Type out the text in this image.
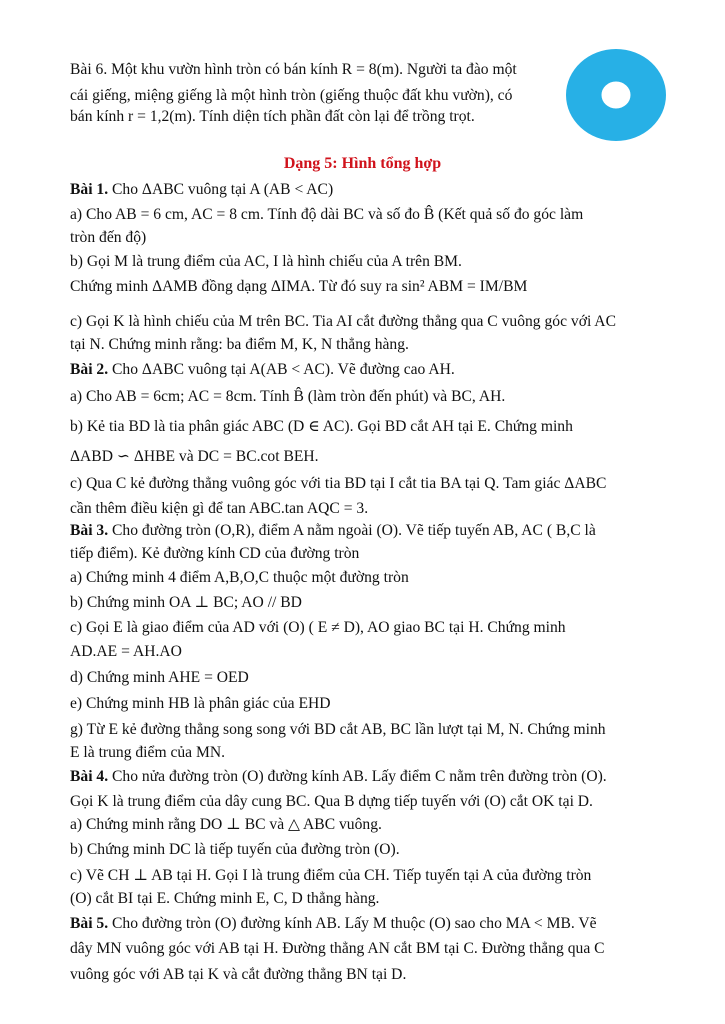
Bài 6. Một khu vườn hình tròn có bán kính R = 8(m). Người ta đào một
cái giếng, miệng giếng là một hình tròn (giếng thuộc đất khu vườn), có
bán kính r = 1,2(m). Tính diện tích phần đất còn lại để trồng trọt.
Dạng 5: Hình tổng hợp
Bài 1. Cho ΔABC vuông tại A (AB < AC)
a) Cho AB = 6 cm, AC = 8 cm. Tính độ dài BC và số đo B̂ (Kết quả số đo góc làm
tròn đến độ)
b) Gọi M là trung điểm của AC, I là hình chiếu của A trên BM.
Chứng minh ΔAMB đồng dạng ΔIMA. Từ đó suy ra sin² ABM = IM/BM
c) Gọi K là hình chiếu của M trên BC. Tia AI cắt đường thẳng qua C vuông góc với AC
tại N. Chứng minh rằng: ba điểm M, K, N thẳng hàng.
Bài 2. Cho ΔABC vuông tại A(AB < AC). Vẽ đường cao AH.
a) Cho AB = 6cm; AC = 8cm. Tính B̂ (làm tròn đến phút) và BC, AH.
b) Kẻ tia BD là tia phân giác ABC (D ∈ AC). Gọi BD cắt AH tại E. Chứng minh
ΔABD ∽ ΔHBE và DC = BC.cot BEH.
c) Qua C kẻ đường thẳng vuông góc với tia BD tại I cắt tia BA tại Q. Tam giác ΔABC
cần thêm điều kiện gì để tan ABC.tan AQC = 3.
Bài 3. Cho đường tròn (O,R), điểm A nằm ngoài (O). Vẽ tiếp tuyến AB, AC ( B,C là
tiếp điểm). Kẻ đường kính CD của đường tròn
a) Chứng minh 4 điểm A,B,O,C thuộc một đường tròn
b) Chứng minh OA ⊥ BC; AO // BD
c) Gọi E là giao điểm của AD với (O) ( E ≠ D), AO giao BC tại H. Chứng minh
AD.AE = AH.AO
d) Chứng minh AHE = OED
e) Chứng minh HB là phân giác của EHD
g) Từ E kẻ đường thẳng song song với BD cắt AB, BC lần lượt tại M, N. Chứng minh
E là trung điểm của MN.
Bài 4. Cho nửa đường tròn (O) đường kính AB. Lấy điểm C nằm trên đường tròn (O).
Gọi K là trung điểm của dây cung BC. Qua B dựng tiếp tuyến với (O) cắt OK tại D.
a) Chứng minh rằng DO ⊥ BC và △ ABC vuông.
b) Chứng minh DC là tiếp tuyến của đường tròn (O).
c) Vẽ CH ⊥ AB tại H. Gọi I là trung điểm của CH. Tiếp tuyến tại A của đường tròn
(O) cắt BI tại E. Chứng minh E, C, D thẳng hàng.
Bài 5. Cho đường tròn (O) đường kính AB. Lấy M thuộc (O) sao cho MA < MB. Vẽ
dây MN vuông góc với AB tại H. Đường thẳng AN cắt BM tại C. Đường thẳng qua C
vuông góc với AB tại K và cắt đường thẳng BN tại D.
